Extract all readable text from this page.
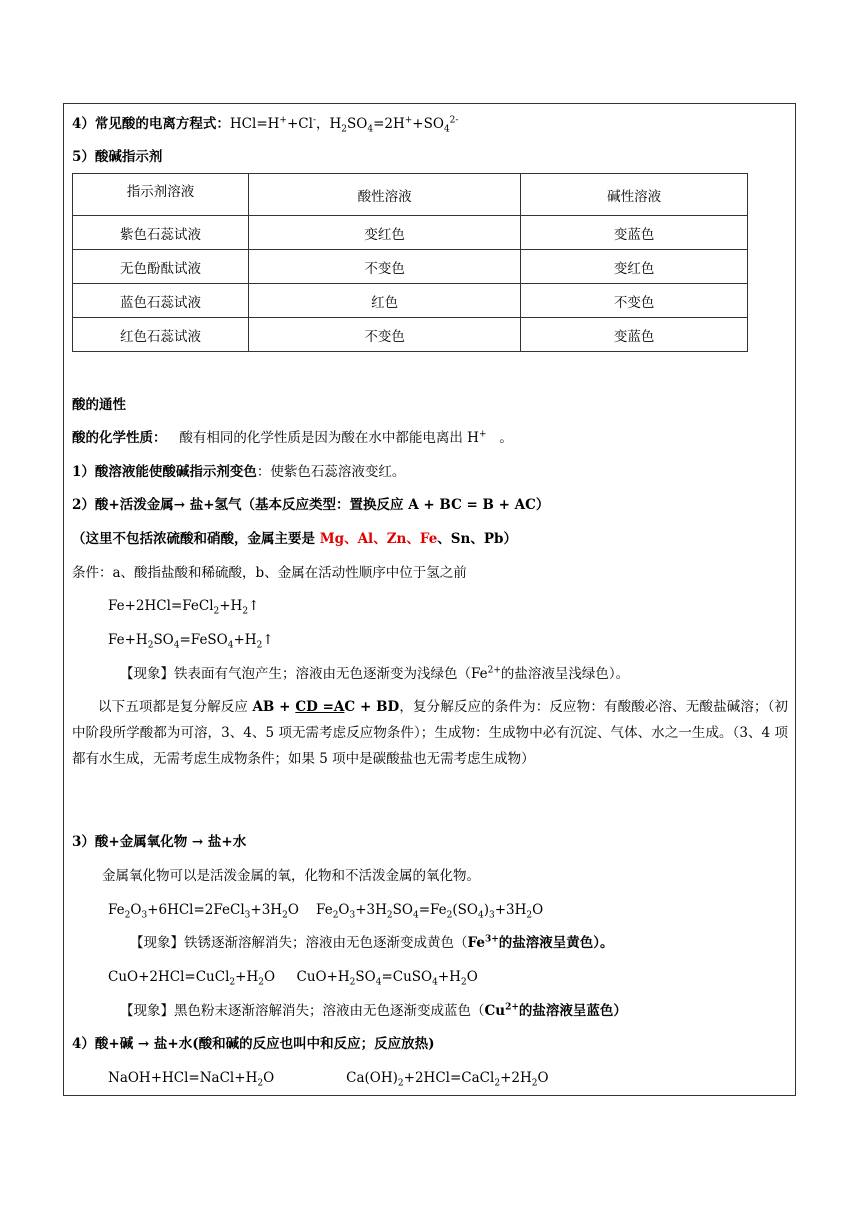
4）常见酸的电离方程式：HCl=H++Cl-，$H_2SO_4=2H^++SO_4^{2-}$
5）酸碱指示剂
指示剂溶液	酸性溶液	碱性溶液
紫色石蕊试液	变红色	变蓝色
无色酚酞试液	不变色	变红色
蓝色石蕊试液	红色	不变色
红色石蕊试液	不变色	变蓝色
酸的通性
酸的化学性质： 酸有相同的化学性质是因为酸在水中都能电离出 H+ 。
1）酸溶液能使酸碱指示剂变色：使紫色石蕊溶液变红。
2）酸+活泼金属→ 盐+氢气（基本反应类型：置换反应 A + BC = B + AC）
（这里不包括浓硫酸和硝酸，金属主要是 Mg、Al、Zn、Fe、Sn、Pb）
条件：a、酸指盐酸和稀硫酸，b、金属在活动性顺序中位于氢之前
$Fe+2HCl=FeCl_2+H_2↑$
$Fe+H_2SO_4=FeSO_4+H_2↑$
【现象】铁表面有气泡产生；溶液由无色逐渐变为浅绿色（$Fe^{2+}$的盐溶液呈浅绿色）。
以下五项都是复分解反应 AB + CD =AC + BD，复分解反应的条件为：反应物：有酸酸必溶、无酸盐碱溶；（初中阶段所学酸都为可溶，3、4、5 项无需考虑反应物条件）；生成物：生成物中必有沉淀、气体、水之一生成。（3、4 项都有水生成，无需考虑生成物条件；如果 5 项中是碳酸盐也无需考虑生成物）
3）酸+金属氧化物 → 盐+水
金属氧化物可以是活泼金属的氧，化物和不活泼金属的氧化物。
$Fe_2O_3+6HCl=2FeCl_3+3H_2O$    $Fe_2O_3+3H_2SO_4=Fe_2(SO_4)_3+3H_2O$
【现象】铁锈逐渐溶解消失；溶液由无色逐渐变成黄色（$Fe^{3+}$的盐溶液呈黄色）。
$CuO+2HCl=CuCl_2+H_2O$     $CuO+H_2SO_4=CuSO_4+H_2O$
【现象】黑色粉末逐渐溶解消失；溶液由无色逐渐变成蓝色（$Cu^{2+}$的盐溶液呈蓝色）
4）酸+碱 → 盐+水(酸和碱的反应也叫中和反应；反应放热)
$NaOH+HCl=NaCl+H_2O$	$Ca(OH)_2+2HCl=CaCl_2+2H_2O$
